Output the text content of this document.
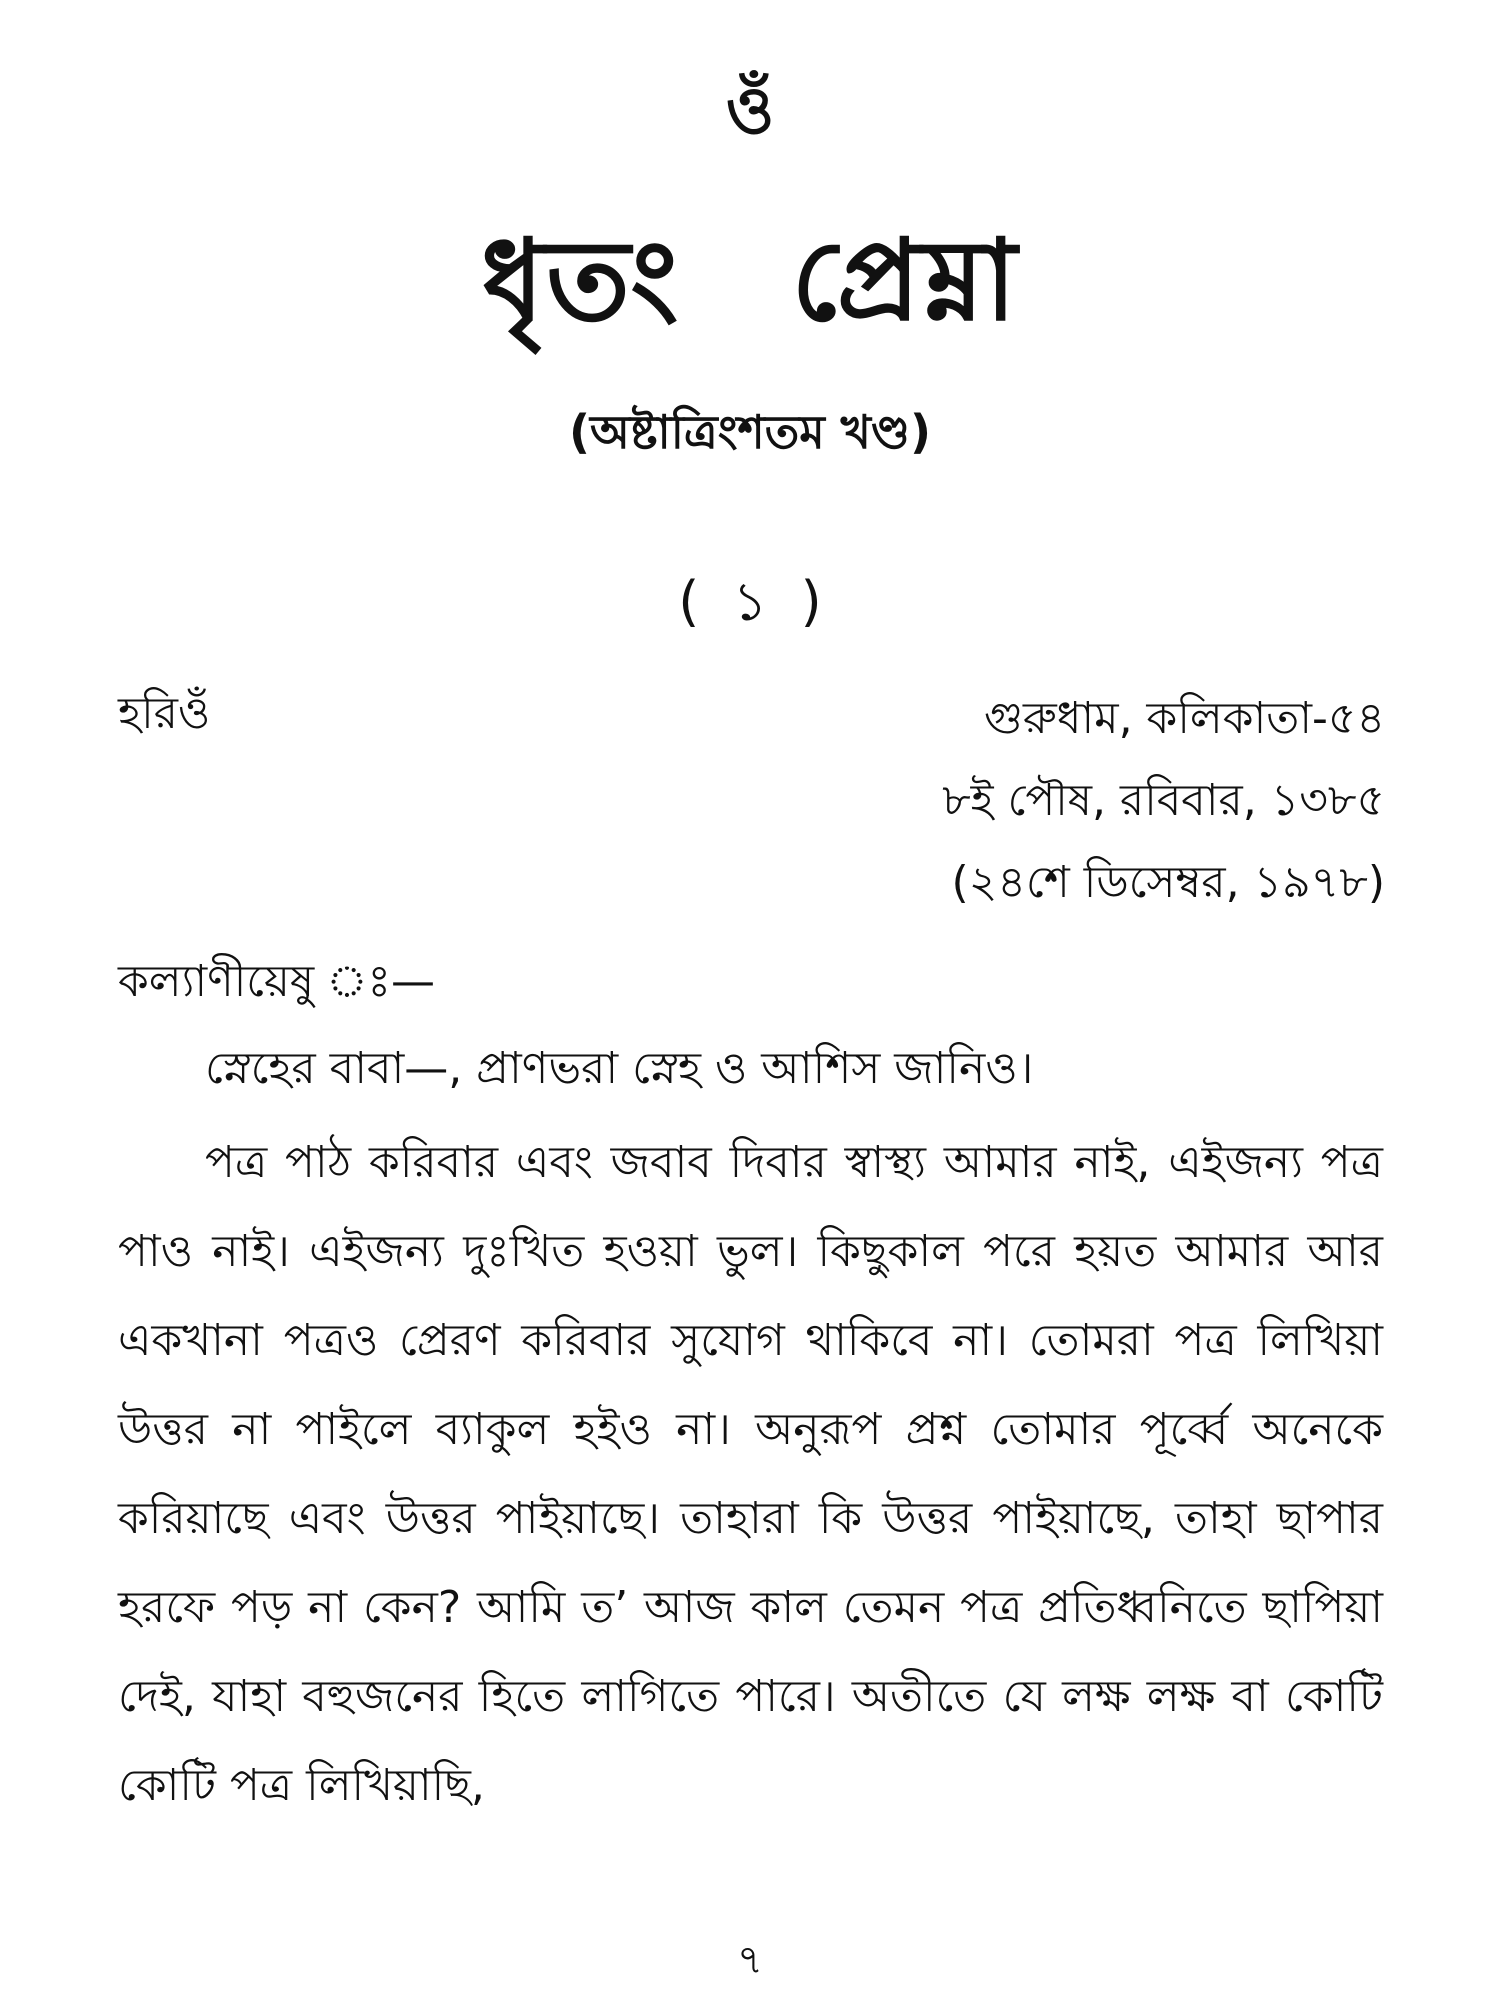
ওঁ
ধৃতং প্রেম্না
(অষ্টাত্রিংশতম খণ্ড)
( ১ )
হরিওঁ	গুরুধাম, কলিকাতা-৫৪
৮ই পৌষ, রবিবার, ১৩৮৫
(২৪শে ডিসেম্বর, ১৯৭৮)
কল্যাণীয়েষু ঃ—
স্নেহের বাবা—, প্রাণভরা স্নেহ ও আশিস জানিও।
পত্র পাঠ করিবার এবং জবাব দিবার স্বাস্থ্য আমার নাই, এইজন্য পত্র পাও নাই। এইজন্য দুঃখিত হওয়া ভুল। কিছুকাল পরে হয়ত আমার আর একখানা পত্রও প্রেরণ করিবার সুযোগ থাকিবে না। তোমরা পত্র লিখিয়া উত্তর না পাইলে ব্যাকুল হইও না। অনুরূপ প্রশ্ন তোমার পূর্ব্বে অনেকে করিয়াছে এবং উত্তর পাইয়াছে। তাহারা কি উত্তর পাইয়াছে, তাহা ছাপার হরফে পড় না কেন? আমি ত’ আজ কাল তেমন পত্র প্রতিধ্বনিতে ছাপিয়া দেই, যাহা বহুজনের হিতে লাগিতে পারে। অতীতে যে লক্ষ লক্ষ বা কোটি কোটি পত্র লিখিয়াছি,
৭
